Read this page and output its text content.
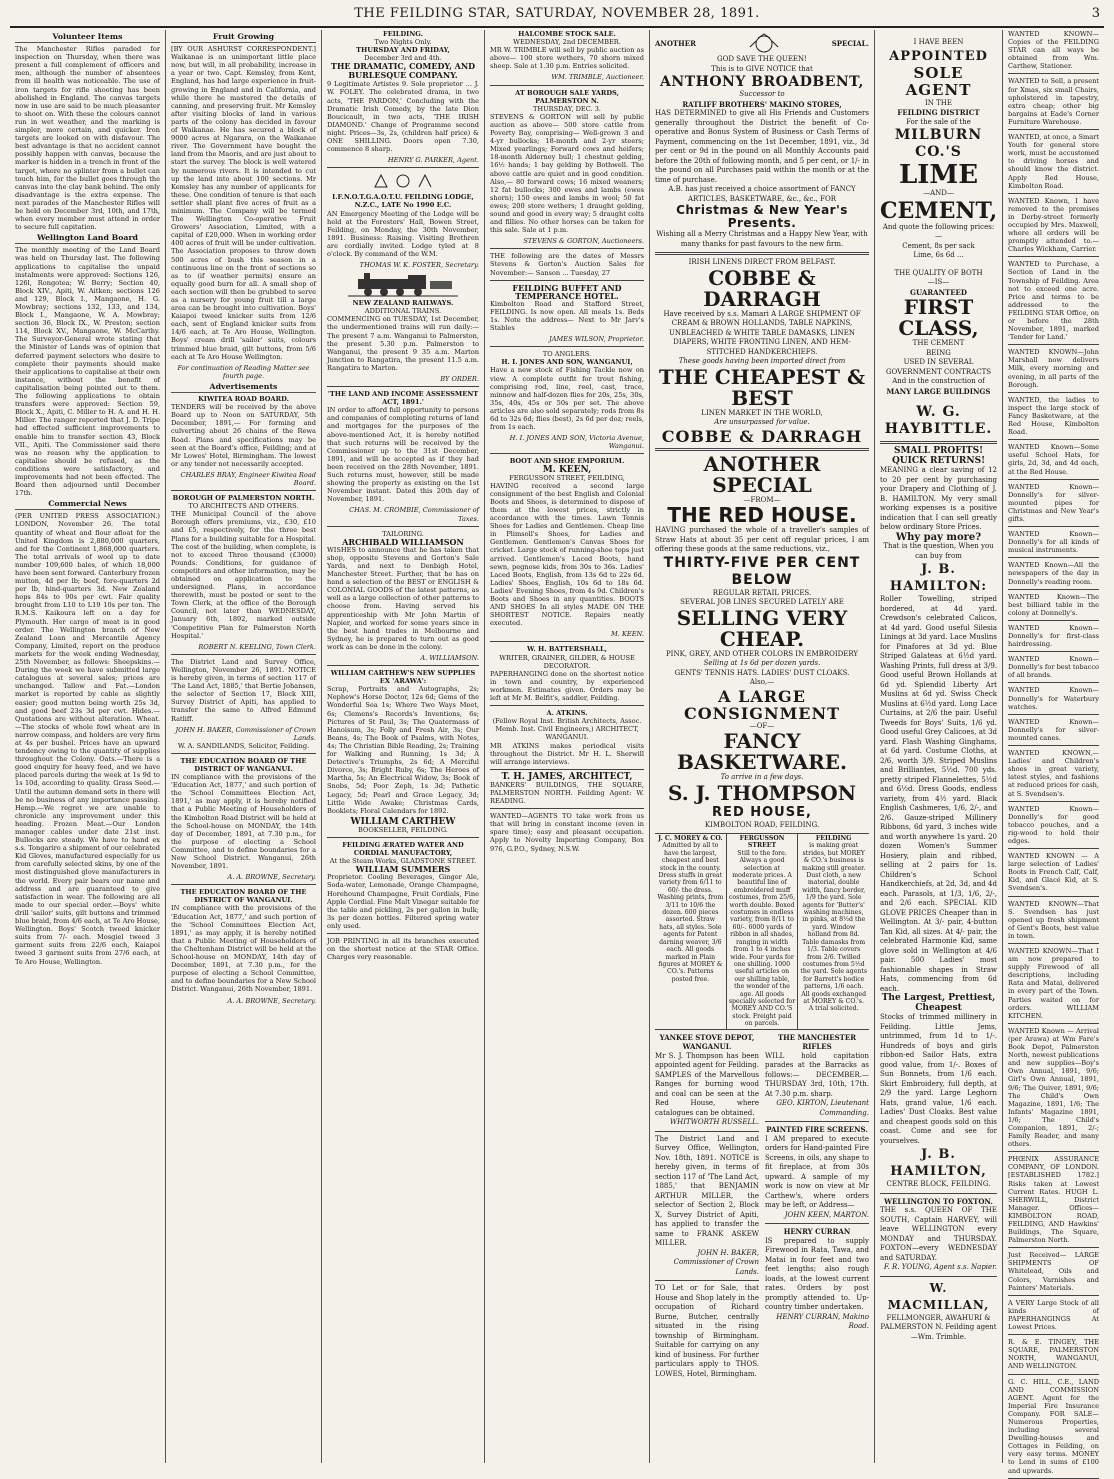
THE FEILDING STAR, SATURDAY, NOVEMBER 28, 1891.	3
Volunteer Items
The Manchester Rifles paraded for inspection on Thursday, when there was present a full complement of officers and men, although the number of absentees from ill health was noticeable. The use of iron targets for rifle shooting has been abolished in England. The canvas targets now in use are said to be much pleasanter to shoot on. With these the colours cannot run in wet weather, and the marking is simpler, more certain, and quicker. Iron targets are looked on with disfavour. The best advantage is that no accident cannot possibly happen with canvas, because the marker is hidden in a trench in front of the target, where no splinter from a bullet can touch him, for the bullet goes through the canvas into the clay bank behind. The only disadvantage is the extra expense. The next parades of the Manchester Rifles will be held on December 3rd, 10th, and 17th, when every member must attend in order to secure full capitation.
Wellington Land Board
The monthly meeting of the Land Board was held on Thursday last. The following applications to capitalise the unpaid instalments were approved: Sections 126, 126l, Rongotea; W. Berry; Section 40, Block XIV., Apiti, W. Aitken; sections 126 and 129, Block I., Mangaone, H. G. Mowbray; sections 132, 133, and 134, Block I., Mangaone, W. A. Mowbray; section 36, Block IX., W. Preston; section 114, Block XV., Mangaone, W. McCarthy. The Surveyor-General wrote stating that the Minister of Lands was of opinion that deferred payment selectors who desire to complete their payments should make their applications to capitalise at their own instance, without the benefit of capitalisation being pointed out to them. The following applications to obtain transfers were approved: Section 59, Block X., Apiti, C. Miller to H. A. and H. H. Miller. The ranger reported that J. D. Tripe had effected sufficient improvements to enable him to transfer section 43, Block VII., Apiti. The Commissioner said there was no reason why the application to capitalise should be refused, as the conditions were satisfactory, and improvements had not been effected. The Board then adjourned until December 17th.
Commercial News
(PER UNITED PRESS ASSOCIATION.) LONDON, November 26. The total quantity of wheat and flour afloat for the United Kingdom is 2,880,000 quarters, and for the Continent 1,868,000 quarters. The total arrivals of wool up to date number 109,600 bales, of which 18,000 have been sent forward. Canterbury frozen mutton, 4d per lb; beef, fore-quarters 2d per lb, hind-quarters 3d. New Zealand hops 84s to 90s per cwt. Fair quality brought from L10 to L19 10s per ton. The R.M.S. Kaikoura left on a day for Plymouth. Her cargo of meat is in good order. The Wellington branch of New Zealand Loan and Mercantile Agency Company, Limited, report on the produce markets for the week ending Wednesday, 25th November, as follows: Sheepskins.—During the week we have submitted large catalogues at several sales; prices are unchanged. Tallow and Fat.—London market is reported by cable as slightly easier; good mutton being worth 25s 3d, and good beef 23s 3d per cwt. Hides.—Quotations are without alteration. Wheat.—The stocks of whole fowl wheat are in narrow compass, and holders are very firm at 4s per bushel. Prices have an upward tendency owing to the quantity of supplies throughout the Colony. Oats.—There is a good enquiry for heavy feed, and we have placed parcels during the week at 1s 9d to 1s 10d, according to quality. Grass Seed.—Until the autumn demand sets in there will be no business of any importance passing. Hemp.—We regret we are unable to chronicle any improvement under this heading. Frozen Meat.—Our London manager cables under date 21st inst. Bullocks are steady. We have to hand ex s.s. Tongariro a shipment of our celebrated Kid Gloves, manufactured especially for us from carefully selected skins, by one of the most distinguished glove manufacturers in the world. Every pair bears our name and address and are guaranteed to give satisfaction in wear. The following are all made to our special order.—Boys' white drill 'sailor' suits, gilt buttons and trimmed blue braid, from 4/6 each, at Te Aro House, Wellington. Boys' Scotch tweed knicker suits from 7/- each. Mosgiel tweed 3 garment suits from 22/6 each, Kaiapoi tweed 3 garment suits from 27/6 each, at Te Aro House, Wellington.
Fruit Growing
[BY OUR ASHURST CORRESPONDENT.] Waikanae is an unimportant little place now, but will, in all probability, increase in a year or two. Capt. Kemsley, from Kent, England, has had large experience in fruit-growing in England and in California, and while there he mastered the details of canning, and preserving fruit. Mr Kemsley after visiting blocks of land in various parts of the colony has decided in favour of Waikanae. He has secured a block of 9000 acres at Ngarara, on the Waikanae river. The Government have bought the land from the Maoris, and are just about to start the survey. The block is well watered by numerous rivers. It is intended to cut up the land into about 100 sections. Mr Kemsley has any number of applicants for these. One condition of tenure is that each settler shall plant five acres of fruit as a minimum. The Company will be termed The Wellington Co-operative Fruit Growers' Association, Limited, with a capital of £20,000. When in working order 400 acres of fruit will be under cultivation. The Association proposes to throw down 500 acres of bush this season in a continuous line on the front of sections so as to (if weather permits) ensure an equally good burn for all. A small shop of each section will then be grubbed to serve as a nursery for young fruit till a large area can be brought into cultivation. Boys' Kaiapoi tweed knicker suits from 12/6 each, sent of England knicker suits from 14/6 each, at Te Aro House, Wellington. Boys' cream drill 'sailor' suits, colours trimmed blue braid, gilt buttons, from 5/6 each at Te Aro House Wellington.
For continuation of Reading Matter see fourth page.
Advertisements
KIWITEA ROAD BOARD.
TENDERS will be received by the above Board up to Noon on SATURDAY, 5th December, 1891,— For forming and culverting about 26 chains of the Rewa Road. Plans and specifications may be seen at the Board's office, Feilding; and at Mr Lowes' Hotel, Birmingham. The lowest or any tender not necessarily accepted.
CHARLES BRAY, Engineer Kiwitea Road Board.
BOROUGH OF PALMERSTON NORTH.
TO ARCHITECTS AND OTHERS.
THE Municipal Council of the above Borough offers premiums, viz., £30, £10 and £5, respectively, for the three best Plans for a building suitable for a Hospital. The cost of the building, when complete, is not to exceed Three thousand (£3000) Pounds. Conditions, for guidance of competitors and other information, may be obtained on application to the undersigned. Plans, in accordance therewith, must be posted or sent to the Town Clerk, at the office of the Borough Council, not later than WEDNESDAY, January 6th, 1892, marked outside 'Competitive Plan for Palmerston North Hospital.'
ROBERT N. KEELING, Town Clerk.
The District Land and Survey Office, Wellington, November 26, 1891. NOTICE is hereby given, in terms of section 117 of 'The Land Act, 1885,' that Bertie Johansen, the selector of Section 17, Block XIII, Survey District of Apiti, has applied to transfer the same to Alfred Edmund Ratliff.
JOHN H. BAKER, Commissioner of Crown Lands.
W. A. SANDILANDS, Solicitor, Feilding.
THE EDUCATION BOARD OF THE DISTRICT OF WANGANUI.
IN compliance with the provisions of the 'Education Act, 1877,' and such portion of the 'School Committees Election Act, 1891,' as may apply, it is hereby notified that a Public Meeting of Householders of the Kimbolton Road District will be held at the School-house on MONDAY, the 14th day of December, 1891, at 7.30 p.m., for the purpose of electing a School Committee, and to define boundaries for a New School District. Wanganui, 26th November, 1891.
A. A. BROWNE, Secretary.
THE EDUCATION BOARD OF THE DISTRICT OF WANGANUI.
IN compliance with the provisions of the 'Education Act, 1877,' and such portion of the 'School Committees Election Act, 1891,' as may apply, it is hereby notified that a Public Meeting of Householders of the Cheltenham District will be held at the School-house on MONDAY, 14th day of December, 1891, at 7.30 p.m., for the purpose of electing a School Committee, and to define boundaries for a New School District. Wanganui, 26th November, 1891.
A. A. BROWNE, Secretary.
FEILDING.
Two Nights Only.
THURSDAY AND FRIDAY,
December 3rd and 4th.
THE DRAMATIC, COMEDY, AND BURLESQUE COMPANY.
9 Legitimate Artistes 9. Sole proprietor ... J. W. FOLEY. The celebrated drama, in two acts, 'THE PARDON,' Concluding with the Dramatic Irish Comedy, by the late Dion Boucicault, in two acts, 'THE IRISH DIAMOND.' Change of Programme second night. Prices—3s, 2s, (children half price) & ONE SHILLING. Doors open 7.30, commence 8 sharp.
HENRY G. PARKER, Agent.
I.F.N.O.T.G.A.O.T.U. FEILDING LODGE, N.Z.C., LATE No 1990 E.C.
AN Emergency Meeting of the Lodge will be held at the Foresters' Hall, Bowen Street, Feilding, on Monday, the 30th November, 1891. Business: Raising. Visiting Brethren are cordially invited. Lodge tyled at 8 o'clock. By command of the W.M.
THOMAS W. K. FOSTER, Secretary.
NEW ZEALAND RAILWAYS.
ADDITIONAL TRAINS.
COMMENCING on TUESDAY, 1st December, the undermentioned trains will run daily:—The present 7 a.m. Wanganui to Palmerston, the present 5.30 p.m. Palmerston to Wanganui, the present 9 35 a.m. Marton Junction to Rangatira, the present 11.5 a.m. Rangatira to Marton.
BY ORDER.
'THE LAND AND INCOME ASSESSMENT ACT, 1891.'
IN order to afford full opportunity to persons and companies of completing returns of land and mortgages for the purposes of the above-mentioned Act, it is hereby notified that such returns will be received by the Commissioner up to the 31st December, 1891, and will be accepted as if they had been received on the 28th November, 1891. Such returns must, however, still be made showing the property as existing on the 1st November instant. Dated this 20th day of November, 1891.
CHAS. M. CROMBIE, Commissioner of Taxes.
TAILORING.
ARCHIBALD WILLIAMSON
WISHES to announce that he has taken that shop, opposite Stevens and Gorton's Sale Yards, and next to Denbigh Hotel, Manchester Street. Further, that he has on hand a selection of the BEST or ENGLISH & COLONIAL GOODS of the latest patterns, as well as a large collection of other patterns to choose from. Having served his apprenticeship with Mr John Martin of Napier, and worked for some years since in the best hand trades in Melbourne and Sydney, he is prepared to turn out as good work as can be done in the colony.
A. WILLIAMSON.
WILLIAM CARTHEW'S NEW SUPPLIES EX 'ARAWA':
Scrap, Portraits and Autographs, 2s; Nephew's Horse Doctor, 12s 6d; Gems of the Wonderful Sea 1s; Where Two Ways Meet, 6s; Clemens's Records's Inventions, 6s; Pictures of St Paul, 3s; The Quatermass of Hanoisum, 3s; Folly and Fresh Air, 3s; Our Beans, 4s; The Book of Psalms, with Notes, 4s; The Christian Bible Reading, 2s; Training for Walking and Running, 1s 3d; A Detective's Triumphs, 2s 6d; A Merciful Divorce, 3s; Bright Ruby, 6s; The Heroes of Martha, 5s; An Electrical Widow, 3s; Book of Snobs, 5d; Poor Zeph, 1s 3d; Pathetic Legacy, 5d; Pearl and Grace Legacy, 3d; Little Wide Awake; Christmas Cards, Booklets; Floral Calendars for 1892.
WILLIAM CARTHEW
BOOKSELLER, FEILDING.
FEILDING ÆRATED WATER AND CORDIAL MANUFACTORY,
At the Steam Works, GLADSTONE STREET.
WILLIAM SUMMERS
Proprietor. Cooling Beverages, Ginger Ale, Soda-water, Lemonade, Orange Champagne, Horehound Champagne, Fruit Cordials, Fine Apple Cordial. Fine Malt Vinegar suitable for the table and pickling, 2s per gallon in bulk; 3s per dozen bottles. Filtered spring water only used.
JOB PRINTING in all its branches executed on the shortest notice at the STAR Office. Charges very reasonable.
HALCOMBE STOCK SALE.
WEDNESDAY, 2nd DECEMBER.
MR W. TRIMBLE will sell by public auction as above— 100 store wethers, 70 shorn mixed sheep. Sale at 1.30 p.m. Entries solicited.
WM. TRIMBLE, Auctioneer.
AT BOROUGH SALE YARDS, PALMERSTON N.
THURSDAY, DEC. 3.
STEVENS & GORTON will sell by public auction as above— 500 store cattle from Poverty Bay, comprising— Well-grown 3 and 4-yr bullocks; 18-month and 2-yr steers; Mixed yearlings; Forward cows and heifers; 18-month Alderney bull; 1 chestnut gelding, 16½ hands; 1 bay gelding by Bothwell. The above cattle are quiet and in good condition. Also,— 80 forward cows; 16 mixed weaners; 12 fat bullocks; 300 ewes and lambs (ewes shorn); 150 ewes and lambs in wool; 50 fat ewes; 200 store wethers; 1 draught gelding, sound and good in every way; 5 draught colts and fillies. No other horses can be taken for this sale. Sale at 1 p.m.
STEVENS & GORTON, Auctioneers.
THE following are the dates of Messrs Stevens & Gorton's Auction Sales for November:— Sanson ... Tuesday, 27
FEILDING BUFFET AND TEMPERANCE HOTEL.
Kimbolton Road and Stafford Street, FEILDING. Is now open. All meals 1s. Beds 1s. Note the address— Next to Mr Jarv's Stables
JAMES WILSON, Proprietor.
TO ANGLERS.
H. I. JONES AND SON, WANGANUI,
Have a new stock of Fishing Tackle now on view. A complete outfit for trout fishing, comprising rod, line, reel, cast, trace, minnow and half-dozen flies for 20s, 25s, 30s, 35s, 40s, 45s or 50s per set. The above articles are also sold separately; rods from 8s 6d to 32s 6d; flies (best), 2s 6d per doz; reels, from 1s each.
H. I. JONES AND SON, Victoria Avenue, Wanganui.
BOOT AND SHOE EMPORIUM.
M. KEEN,
FERGUSSON STREET, FEILDING,
HAVING received a second large consignment of the best English and Colonial Boots and Shoes, is determined to dispose of them at the lowest prices, strictly in accordance with the times. Lawn Tennis Shoes for Ladies and Gentlemen. Cheap line in Plimsoll's Shoes, for Ladies and Gentlemen. Gentlemen's Canvas Shoes for cricket. Large stock of running-shoe tops just arrived. Gentlemen's Laced Boots, hand sewn, pegnose kids, from 30s to 36s. Ladies' Laced Boots, English, from 13s 6d to 22s 6d. Ladies' Shoes, English, 10s 6d to 18s 6d. Ladies' Evening Shoes, from 4s 9d. Children's Boots and Shoes in any quantities. BOOTS AND SHOES In all styles MADE ON THE SHORTEST NOTICE. Repairs neatly executed.
M. KEEN.
W. H. BATTERSHALL,
WRITER, GRAINER, GILDER, & HOUSE DECORATOR.
PAPERHANGING done on the shortest notice in town and country, by experienced workmen. Estimates given. Orders may be left at Mr M. Belfit's, saddler, Feilding.
A. ATKINS.
(Fellow Royal Inst. British Architects, Assoc. Memb. Inst. Civil Engineers,) ARCHITECT, WANGANUI.
MR ATKINS makes periodical visits throughout the District. Mr H. L. Sherwill will arrange interviews.
T. H. JAMES, ARCHITECT,
BANKERS' BUILDINGS, THE SQUARE, PALMERSTON NORTH. Feilding Agent: W. READING.
WANTED—AGENTS TO take work from us that will bring in constant income (even in spare time); easy and pleasant occupation. Apply to Novelty Importing Company, Box 976, G.P.O., Sydney, N.S.W.
ANOTHER	SPECIAL.
GOD SAVE THE QUEEN!
This is to GIVE NOTICE that
ANTHONY BROADBENT,
Successor to
RATLIFF BROTHERS' MAKINO STORES,
HAS DETERMINED to give all His Friends and Customers generally throughout the District the benefit of Co-operative and Bonus System of Business or Cash Terms of Payment, commencing on the 1st December, 1891, viz., 3d per cent or 9d in the pound on all Monthly Accounts paid before the 20th of following month, and 5 per cent, or 1/- in the pound on all Purchases paid within the month or at the time of purchase.
A.B. has just received a choice assortment of FANCY ARTICLES, BASKETWARE, &c., &c., FOR
Christmas & New Year's Presents.
Wishing all a Merry Christmas and a Happy New Year, with many thanks for past favours to the new firm.
IRISH LINENS DIRECT FROM BELFAST.
COBBE & DARRAGH
Have received by s.s. Mamari A LARGE SHIPMENT OF CREAM & BROWN HOLLANDS, TABLE NAPKINS, UNBLEACHED & WHITE TABLE DAMASKS, LINEN DIAPERS, WHITE FRONTING LINEN, AND HEM-STITCHED HANDKERCHIEFS.
These goods having been imported direct from
THE CHEAPEST & BEST
LINEN MARKET IN THE WORLD,
Are unsurpassed for value.
COBBE & DARRAGH
ANOTHER SPECIAL
—FROM—
THE RED HOUSE.
HAVING purchased the whole of a traveller's samples of Straw Hats at about 35 per cent off regular prices, I am offering these goods at the same reductions, viz.,
THIRTY-FIVE PER CENT BELOW
REGULAR RETAIL PRICES.
SEVERAL JOB LINES SECURED LATELY ARE
SELLING VERY CHEAP.
PINK, GREY, AND OTHER COLORS IN EMBROIDERY
Selling at 1s 6d per dozen yards.
GENTS' TENNIS HATS. LADIES' DUST CLOAKS.
Also,—
A LARGE CONSIGNMENT
—OF—
FANCY BASKETWARE.
To arrive in a few days.
S. J. THOMPSON
RED HOUSE,
KIMBOLTON ROAD, FEILDING.
J. C. MOREY & CO.
Admitted by all to have the largest, cheapest and best stock in the county. Dress stuffs in great variety from 6/11 to 60/- the dress. Washing prints, from 3/11 to 10/6 the dozen. 600 pieces assorted. Straw hats, all styles. Sole agents for Patent darning weaver, 3/6 each. All goods marked in Plain figures at MOREY & CO.'s. Patterns posted free.
FERGUSSON STREET
Still to the fore. Always a good selection at moderate prices. A beautiful line of embroidered muff costumes, from 25/6, worth double. Boxed costumes in endless variety, from 8/11 to 60/-. 6000 yards of ribbon in all shades, ranging in width from 1 to 4 inches wide. Four yards for one shilling. 1000 useful articles on our shilling table, the wonder of the age. All goods specially selected for MOREY AND CO.'S stock. Freight paid on parcels.
FEILDING
is making great strides, but MOREY & CO.'s business is making still greater. Dust cloth, a new material, double width, fancy border, 1/9 the yard. Sole agents for 'Butter's' washing machines, in pinks, at 8½d the yard. Window holland from 8d. Table damasks from 1/3. Table covers from 2/6. Twilled costumes from 5½d the yard. Sole agents for Barrett's bodice patterns, 1/6 each. All goods exchanged at MOREY & CO.'s. A trial solicited.
YANKEE STOVE DEPOT, WANGANUI.
Mr S. J. Thompson has been appointed agent for Feilding. SAMPLES of the Marvellous Ranges for burning wood and coal can be seen at the Red House, where catalogues can be obtained.
WHITWORTH RUSSELL.
The District Land and Survey Office, Wellington, Nov. 18th, 1891. NOTICE is hereby given, in terms of section 117 of 'The Land Act, 1885,' that BENJAMIN ARTHUR MILLER, the selector of Section 2, Block X, Survey District of Apiti, has applied to transfer the same to FRANK ASKEW MILLER.
JOHN H. BAKER, Commissioner of Crown Lands.
TO Let or for Sale, that House and Shop lately in the occupation of Richard Burne, Butcher, centrally situated in the rising township of Birmingham. Suitable for carrying on any kind of business. For further particulars apply to THOS. LOWES, Hotel, Birmingham.
THE MANCHESTER RIFLES
WILL hold capitation parades at the Barracks as follows:— DECEMBER.—THURSDAY 3rd, 10th, 17th. At 7.30 p.m. sharp.
GEO. KIRTON, Lieutenant Commanding.
PAINTED FIRE SCREENS.
I AM prepared to execute orders for Hand-painted Fire Screens, in oils, any shape to fit fireplace, at from 30s upward. A sample of my work is now on view at Mr Carthew's, where orders may be left, or Address—
JOHN KEEN, MARTON.
HENRY CURRAN
IS prepared to supply Firewood in Rata, Tawa, and Matai in four feet and two feet lengths; also rough loads, at the lowest current rates. Orders by post promptly attended to. Up-country timber undertaken.
HENRY CURRAN, Makino Road.
I HAVE BEEN
APPOINTED
SOLE AGENT
IN THE
FEILDING DISTRICT
For the sale of the
MILBURN CO.'S
LIME
—AND—
CEMENT,
And quote the following prices:—
Cement, 8s per sack
Lime, 6s 6d ...
THE QUALITY OF BOTH
—IS—
GUARANTEED
FIRST CLASS,
THE CEMENT
BEING
USED IN SEVERAL
GOVERNMENT CONTRACTS
And in the construction of
MANY LARGE BUILDINGS
W. G. HAYBITTLE.
SMALL PROFITS!
QUICK RETURNS!
MEANING a clear saving of 12 to 20 per cent by purchasing your Drapery and Clothing of J. B. HAMILTON. My very small working expenses is a positive indication that I can sell greatly below ordinary Store Prices.
Why pay more?
That is the question, When you can buy from
J. B. HAMILTON:
Roller Towelling, striped bordered, at 4d yard. Crewdson's celebrated Calicos, at 4d yard. Good useful Silesia Linings at 3d yard. Lace Muslins for Pinafores at 3d yd. Blue Striped Galateas at 6½d yard. Washing Prints, full dress at 3/9. Good useful Brown Hollands at 6d yd. Splendid Liberty Art Muslins at 6d yd. Swiss Check Muslins at 6½d yard. Long Lace Curtains, at 2/6 the pair. Useful Tweeds for Boys' Suits, 1/6 yd. Good useful Grey Calicoes, at 3d yard. Flash Washing Ginghams, at 6d yard. Costume Cloths, at 2/6, worth 3/9. Striped Muslins and Brilliantes, 5½d. 700 yds. pretty striped Flannelettes, 5½d and 6½d. Dress Goods, endless variety, from 4½ yard. Black English Cashmeres, 1/6, 2/-, and 2/6. Gauze-striped Millinery Ribbons, 6d yard, 3 inches wide and worth anywhere 1s yard. 20 dozen Women's Summer Hosiery, plain and ribbed, selling at 2 pairs for 1s. Children's School Handkerchiefs, at 2d, 3d, and 4d each. Parasols, at 1/3, 1/6, 2/-, and 2/6 each. SPECIAL KID GLOVE PRICES Cheaper than in Wellington. At 3/- pair, 4-button Tan Kid, all sizes. At 4/- pair, the celebrated Harmonie Kid, same glove sold in Wellington at 4/6 pair. 500 Ladies' most fashionable shapes in Straw Hats, commencing from 6d each.
The Largest, Prettiest, Cheapest
Stocks of trimmed millinery in Feilding. Little Jems, untrimmed, from 1d to 1/-. Hundreds of boys and girls ribbon-ed Sailor Hats, extra good value, from 1/-. Boxes of Sun Bonnets, from 1/6 each. Skirt Embroidery, full depth, at 2/9 the yard. Large Leghorn Hats, grand value, 1/6 each. Ladies' Dust Cloaks. Best value and cheapest goods sold on this coast. Come and see for yourselves.
J. B. HAMILTON,
CENTRE BLOCK, FEILDING.
WELLINGTON TO FOXTON.
THE s.s. QUEEN OF THE SOUTH, Captain HARVEY, will leave WELLINGTON every MONDAY and THURSDAY. FOXTON—every WEDNESDAY and SATURDAY.
F. R. YOUNG, Agent s.s. Napier.
W. MACMILLAN,
FELLMONGER, AWAHURI & PALMERSTON N. Feilding agent—Wm. Trimble.
WANTED KNOWN—Copies of the FEILDING STAR can all ways be obtained from Wm. Carthew, Stationer.
WANTED to Sell, a present for Xmas, six small Chairs, upholstered in tapestry, extra cheap; other big bargains at Eade's Corner Furniture Warehouse.
WANTED, at once, a Smart Youth for general store work, must be accustomed to driving horses and should know the district. Apply Red House, Kimbolton Road.
WANTED Known, I have removed to the premises in Derby-street formerly occupied by Mrs. Maxwell, where all orders will be promptly attended to.—Charles Wickham, Carrier.
WANTED to Purchase, a Section of Land in the Township of Feilding. Area not to exceed one acre. Price and terms to be addressed to the FEILDING STAR Office, on or before the 28th November, 1891, marked 'Tender for Land.'
WANTED KNOWN—John Marshall now delivers Milk, every morning and evening, in all parts of the Borough.
WANTED, the ladies to inspect the large stock of Fancy Basketware, at the Red House, Kimbolton Road.
WANTED Known—Some useful School Hats, for girls, 2d, 3d, and 4d each, at the Red House.
WANTED Known—Donnelly's for silver-mounted pipes for Christmas and New Year's gifts.
WANTED Known—Donnelly's for all kinds of musical instruments.
WANTED Known—All the newspapers of the day in Donnelly's reading room.
WANTED Known—The best billiard table in the colony at Donnelly's.
WANTED Known—Donnelly's for first-class hairdressing.
WANTED Known—Donnelly's for best tobacco of all brands.
WANTED Known—Donnelly's for Waterbury watches.
WANTED Known—Donnelly's for silver-mounted canes.
WANTED KNOWN,—Ladies' and Children's shoes in great variety, latest styles, and fashions at reduced prices for cash, at S. Svendsen's.
WANTED Known—Donnelly's for good tobacco pouches, and a rig-wood to hold their edges.
WANTED KNOWN — A large selection of Ladies' Boots in French Calf, Calf, Kid, and Glacé Kid, at S. Svendsen's.
WANTED KNOWN—That S. Svendsen has just opened up fresh shipment of Gent's Boots, best value in town.
WANTED KNOWN—That I am now prepared to supply Firewood of all descriptions, including Rata and Matai, delivered in every part of the Town. Parties waited on for orders. WILLIAM KITCHEN.
WANTED Known — Arrival (per Arawa) at Wm Fare's Book Depot, Palmerston North, newest publications and new supplies—Boy's Own Annual, 1891, 9/6; Girl's Own Annual, 1891, 9/6; The Quiver, 1891, 9/6; The Child's Own Magazine, 1891, 1/6; The Infants' Magazine 1891, 1/6; The Child's Companion, 1891, 2/-; Family Reader, and many others.
PHŒNIX ASSURANCE COMPANY, OF LONDON. [ESTABLISHED 1782.] Risks taken at Lowest Current Rates. HUGH L. SHERWILL, District Manager. Offices— KIMBOLTON ROAD, FEILDING, AND Hawkins' Buildings, The Square, Palmerston North.
Just Received— LARGE SHIPMENTS OF Whitelead, Oils and Colors, Varnishes and Painters' Materials.
A VERY Large Stock of all kinds of PAPERHANGINGS At Lowest Prices.
R. & E. TINGEY, THE SQUARE, PALMERSTON NORTH, WANGANUI, AND WELLINGTON.
G. C. HILL, C.E., LAND AND COMMISSION AGENT. Agent for the Imperial Fire Insurance Company. FOR SALE—Numerous Properties, including several Dwelling-houses and Cottages in Feilding, on very easy terms. MONEY to Lend in sums of £100 and upwards.
